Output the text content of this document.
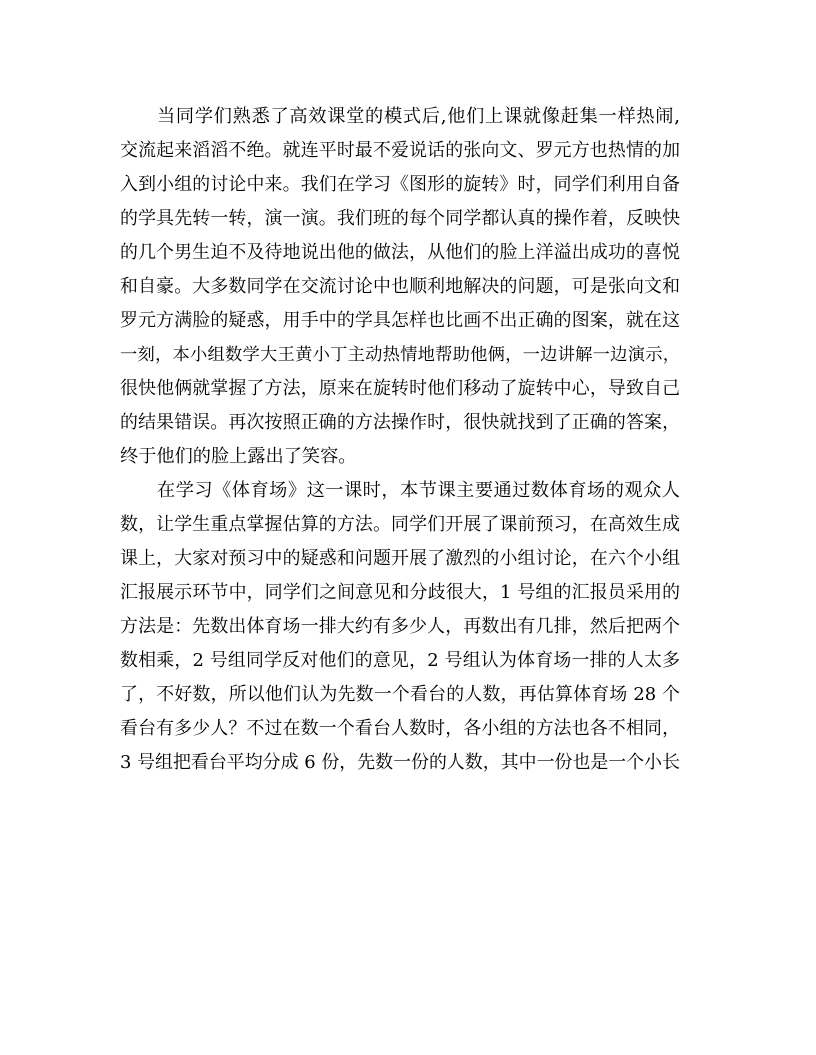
当同学们熟悉了高效课堂的模式后,他们上课就像赶集一样热闹,
交流起来滔滔不绝。就连平时最不爱说话的张向文、罗元方也热情的加
入到小组的讨论中来。我们在学习《图形的旋转》时，同学们利用自备
的学具先转一转，演一演。我们班的每个同学都认真的操作着，反映快
的几个男生迫不及待地说出他的做法，从他们的脸上洋溢出成功的喜悦
和自豪。大多数同学在交流讨论中也顺利地解决的问题，可是张向文和
罗元方满脸的疑惑，用手中的学具怎样也比画不出正确的图案，就在这
一刻，本小组数学大王黄小丁主动热情地帮助他俩，一边讲解一边演示，
很快他俩就掌握了方法，原来在旋转时他们移动了旋转中心，导致自己
的结果错误。再次按照正确的方法操作时，很快就找到了正确的答案，
终于他们的脸上露出了笑容。
在学习《体育场》这一课时，本节课主要通过数体育场的观众人
数，让学生重点掌握估算的方法。同学们开展了课前预习，在高效生成
课上，大家对预习中的疑惑和问题开展了激烈的小组讨论，在六个小组
汇报展示环节中，同学们之间意见和分歧很大，1 号组的汇报员采用的
方法是：先数出体育场一排大约有多少人，再数出有几排，然后把两个
数相乘，2 号组同学反对他们的意见，2 号组认为体育场一排的人太多
了，不好数，所以他们认为先数一个看台的人数，再估算体育场 28 个
看台有多少人？不过在数一个看台人数时，各小组的方法也各不相同，
3 号组把看台平均分成 6 份，先数一份的人数，其中一份也是一个小长
